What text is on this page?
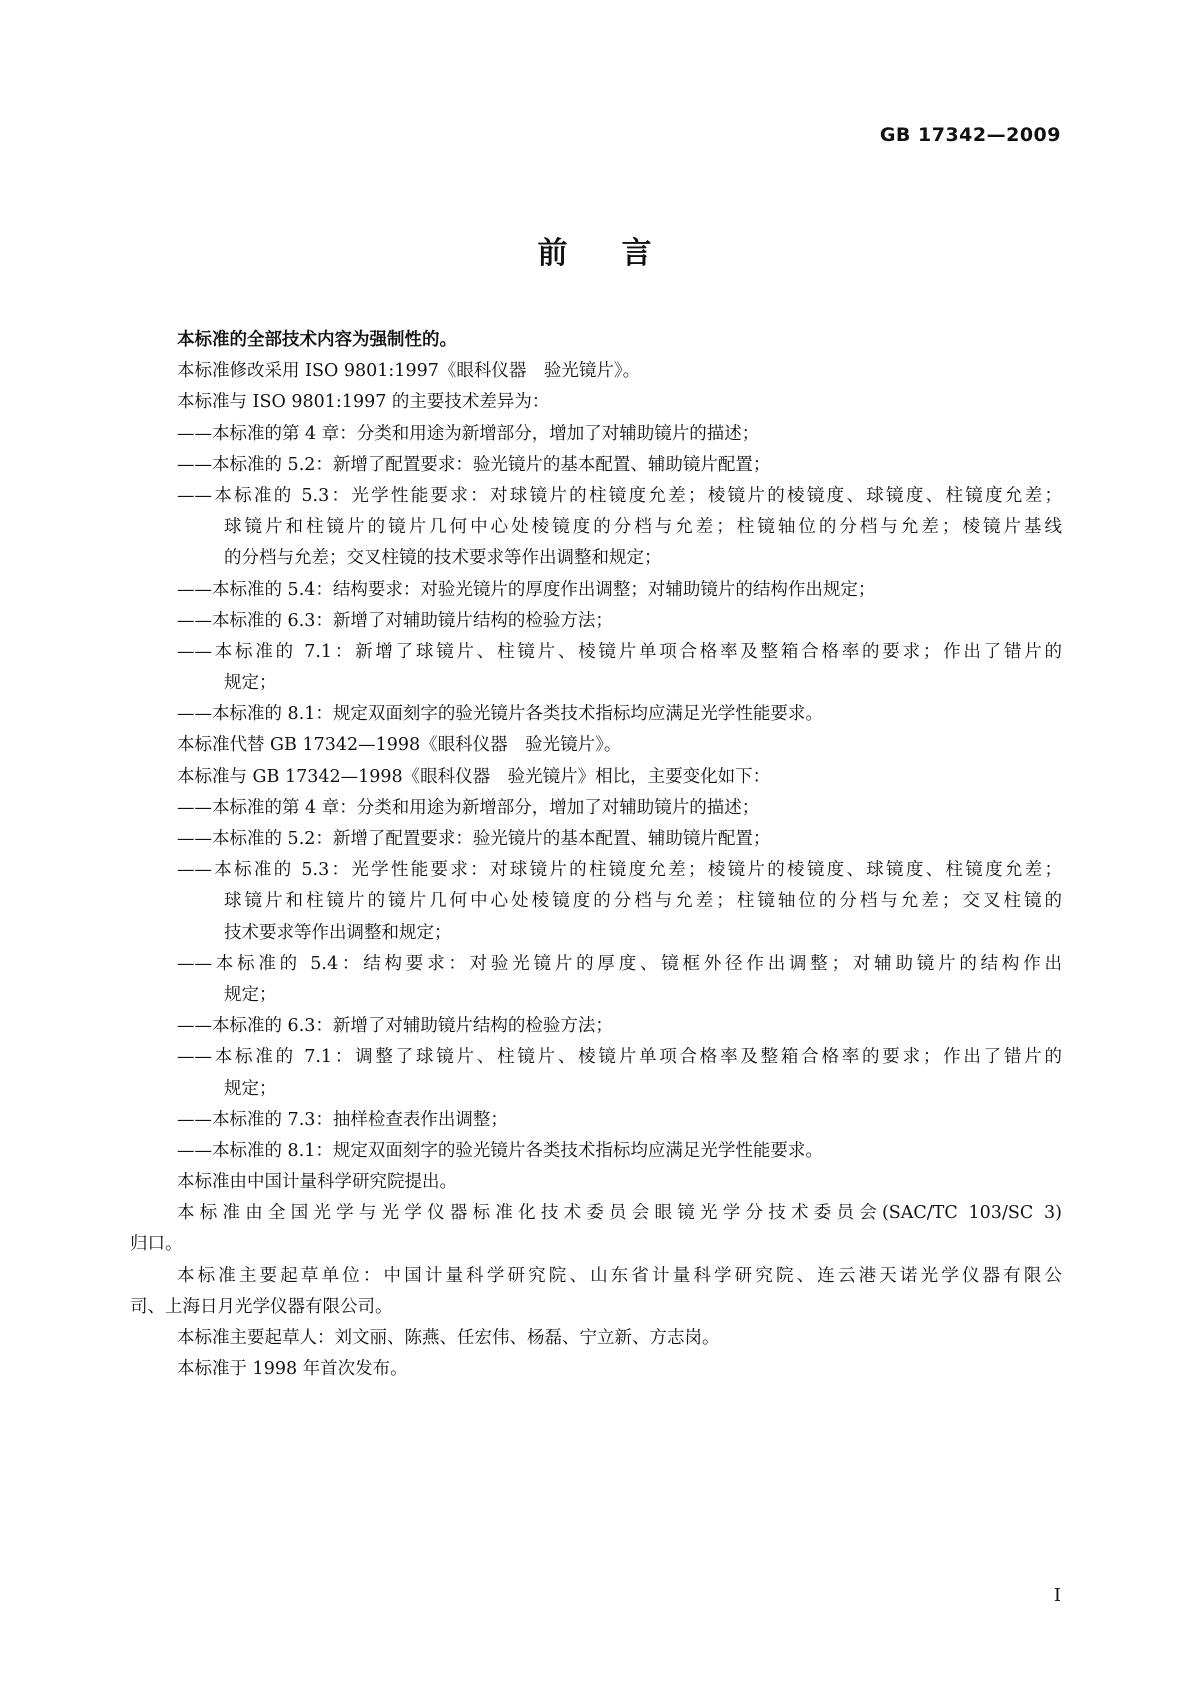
GB 17342—2009
前 言
本标准的全部技术内容为强制性的。
本标准修改采用 ISO 9801:1997《眼科仪器　验光镜片》。
本标准与 ISO 9801:1997 的主要技术差异为：
——本标准的第 4 章：分类和用途为新增部分，增加了对辅助镜片的描述；
——本标准的 5.2：新增了配置要求：验光镜片的基本配置、辅助镜片配置；
——本标准的 5.3：光学性能要求：对球镜片的柱镜度允差；棱镜片的棱镜度、球镜度、柱镜度允差；
球镜片和柱镜片的镜片几何中心处棱镜度的分档与允差；柱镜轴位的分档与允差；棱镜片基线
的分档与允差；交叉柱镜的技术要求等作出调整和规定；
——本标准的 5.4：结构要求：对验光镜片的厚度作出调整；对辅助镜片的结构作出规定；
——本标准的 6.3：新增了对辅助镜片结构的检验方法；
——本标准的 7.1：新增了球镜片、柱镜片、棱镜片单项合格率及整箱合格率的要求；作出了错片的
规定；
——本标准的 8.1：规定双面刻字的验光镜片各类技术指标均应满足光学性能要求。
本标准代替 GB 17342—1998《眼科仪器　验光镜片》。
本标准与 GB 17342—1998《眼科仪器　验光镜片》相比，主要变化如下：
——本标准的第 4 章：分类和用途为新增部分，增加了对辅助镜片的描述；
——本标准的 5.2：新增了配置要求：验光镜片的基本配置、辅助镜片配置；
——本标准的 5.3：光学性能要求：对球镜片的柱镜度允差；棱镜片的棱镜度、球镜度、柱镜度允差；
球镜片和柱镜片的镜片几何中心处棱镜度的分档与允差；柱镜轴位的分档与允差；交叉柱镜的
技术要求等作出调整和规定；
——本标准的 5.4：结构要求：对验光镜片的厚度、镜框外径作出调整；对辅助镜片的结构作出
规定；
——本标准的 6.3：新增了对辅助镜片结构的检验方法；
——本标准的 7.1：调整了球镜片、柱镜片、棱镜片单项合格率及整箱合格率的要求；作出了错片的
规定；
——本标准的 7.3：抽样检查表作出调整；
——本标准的 8.1：规定双面刻字的验光镜片各类技术指标均应满足光学性能要求。
本标准由中国计量科学研究院提出。
本标准由全国光学与光学仪器标准化技术委员会眼镜光学分技术委员会(SAC/TC 103/SC 3)
归口。
本标准主要起草单位：中国计量科学研究院、山东省计量科学研究院、连云港天诺光学仪器有限公
司、上海日月光学仪器有限公司。
本标准主要起草人：刘文丽、陈燕、任宏伟、杨磊、宁立新、方志岗。
本标准于 1998 年首次发布。
I
